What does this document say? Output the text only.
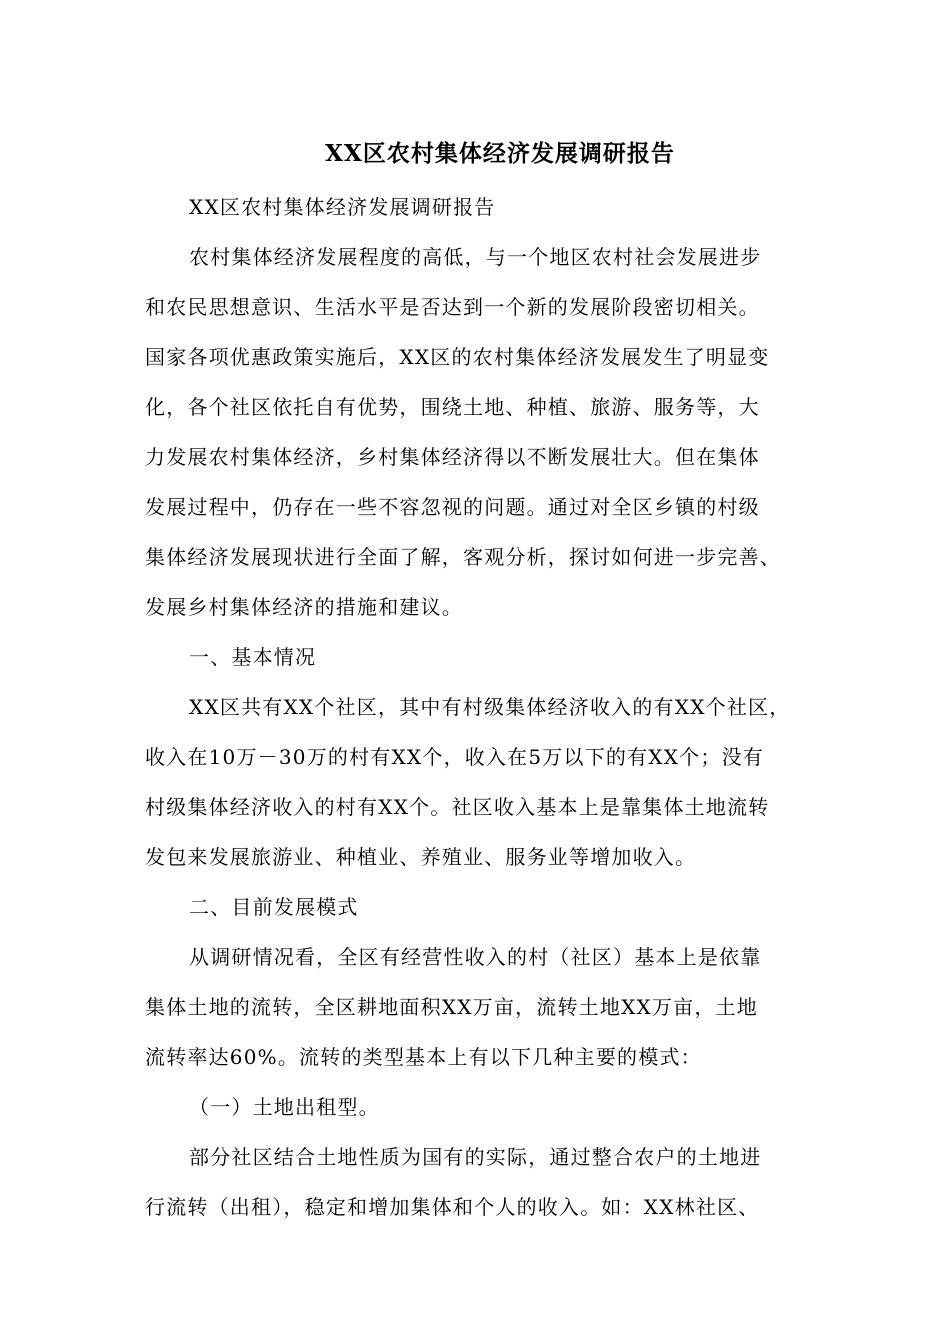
XX区农村集体经济发展调研报告
XX区农村集体经济发展调研报告
农村集体经济发展程度的高低，与一个地区农村社会发展进步
和农民思想意识、生活水平是否达到一个新的发展阶段密切相关。
国家各项优惠政策实施后，XX区的农村集体经济发展发生了明显变
化，各个社区依托自有优势，围绕土地、种植、旅游、服务等，大
力发展农村集体经济，乡村集体经济得以不断发展壮大。但在集体
发展过程中，仍存在一些不容忽视的问题。通过对全区乡镇的村级
集体经济发展现状进行全面了解，客观分析，探讨如何进一步完善、
发展乡村集体经济的措施和建议。
一、基本情况
XX区共有XX个社区，其中有村级集体经济收入的有XX个社区，
收入在10万－30万的村有XX个，收入在5万以下的有XX个；没有
村级集体经济收入的村有XX个。社区收入基本上是靠集体土地流转
发包来发展旅游业、种植业、养殖业、服务业等增加收入。
二、目前发展模式
从调研情况看，全区有经营性收入的村（社区）基本上是依靠
集体土地的流转，全区耕地面积XX万亩，流转土地XX万亩，土地
流转率达60%。流转的类型基本上有以下几种主要的模式：
（一）土地出租型。
部分社区结合土地性质为国有的实际，通过整合农户的土地进
行流转（出租），稳定和增加集体和个人的收入。如：XX林社区、
